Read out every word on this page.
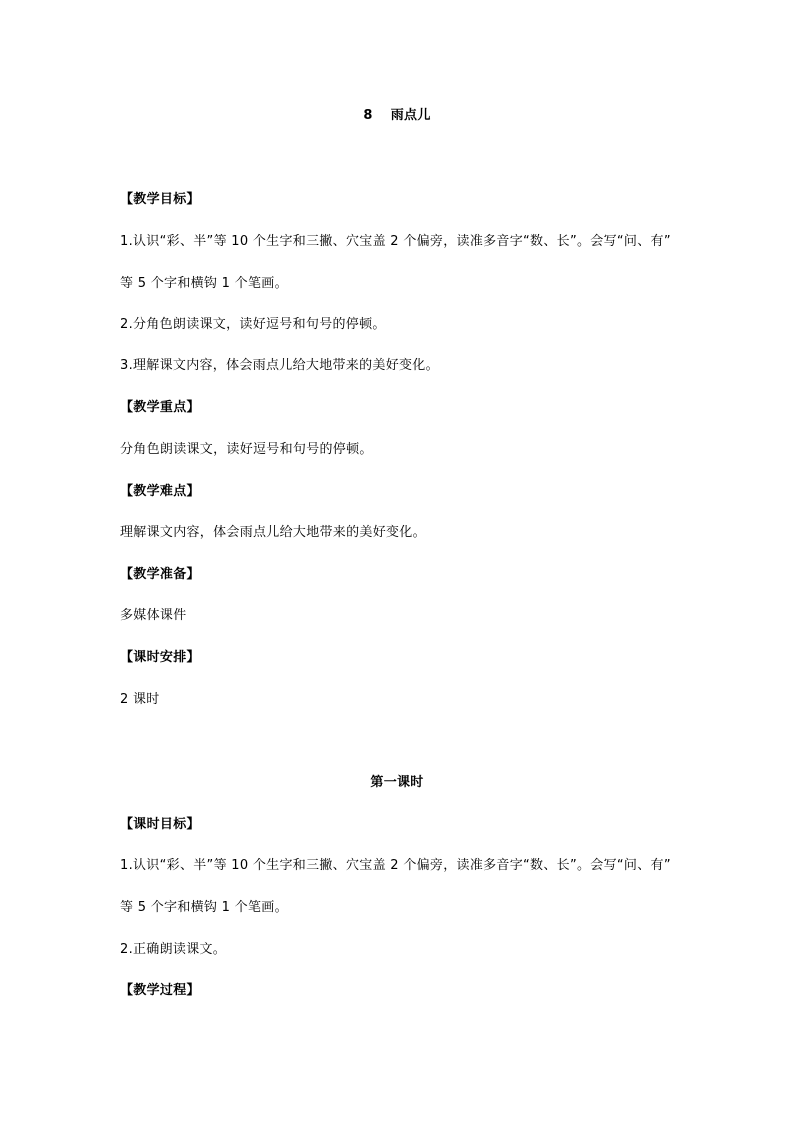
8 雨点儿
【教学目标】
1.认识“彩、半”等 10 个生字和三撇、穴宝盖 2 个偏旁，读准多音字“数、长”。会写“问、有”
等 5 个字和横钩 1 个笔画。
2.分角色朗读课文，读好逗号和句号的停顿。
3.理解课文内容，体会雨点儿给大地带来的美好变化。
【教学重点】
分角色朗读课文，读好逗号和句号的停顿。
【教学难点】
理解课文内容，体会雨点儿给大地带来的美好变化。
【教学准备】
多媒体课件
【课时安排】
2 课时
第一课时
【课时目标】
1.认识“彩、半”等 10 个生字和三撇、穴宝盖 2 个偏旁，读准多音字“数、长”。会写“问、有”
等 5 个字和横钩 1 个笔画。
2.正确朗读课文。
【教学过程】
